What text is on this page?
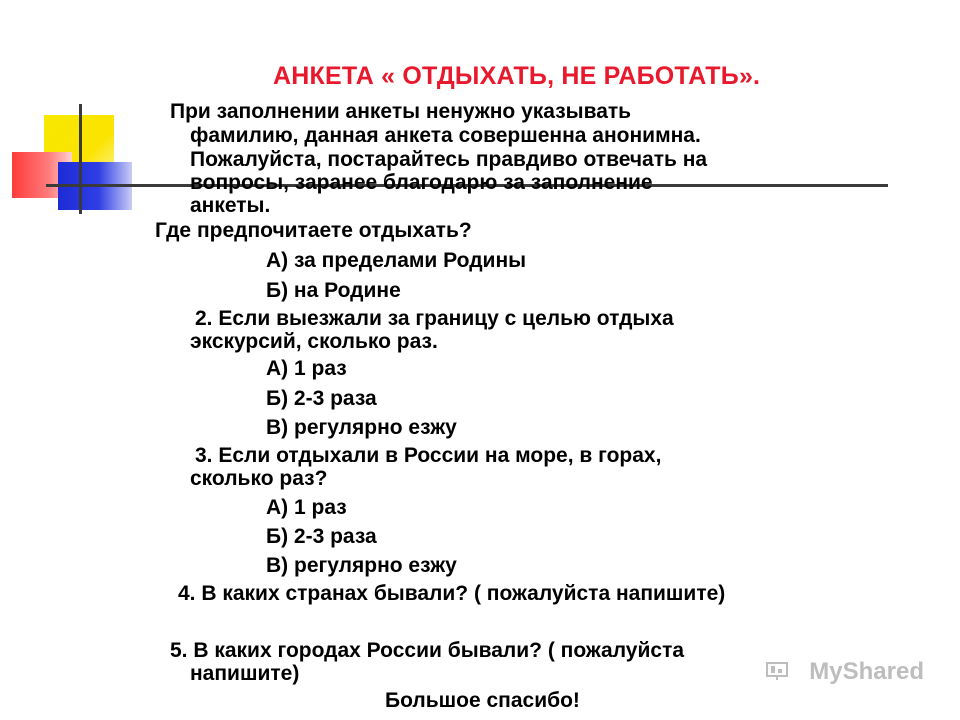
АНКЕТА « ОТДЫХАТЬ, НЕ РАБОТАТЬ».
При заполнении анкеты ненужно указывать
фамилию, данная анкета совершенна анонимна.
Пожалуйста, постарайтесь правдиво отвечать на
вопросы, заранее благодарю за заполнение
анкеты.
Где предпочитаете отдыхать?
А) за пределами Родины
Б) на Родине
2. Если выезжали за границу с целью отдыха
экскурсий, сколько раз.
А) 1 раз
Б) 2-3 раза
В) регулярно езжу
3. Если отдыхали в России на море, в горах,
сколько раз?
А) 1 раз
Б) 2-3 раза
В) регулярно езжу
4. В каких странах бывали? ( пожалуйста напишите)
5. В каких городах России бывали? ( пожалуйста
напишите)
Большое спасибо!
MyShared
